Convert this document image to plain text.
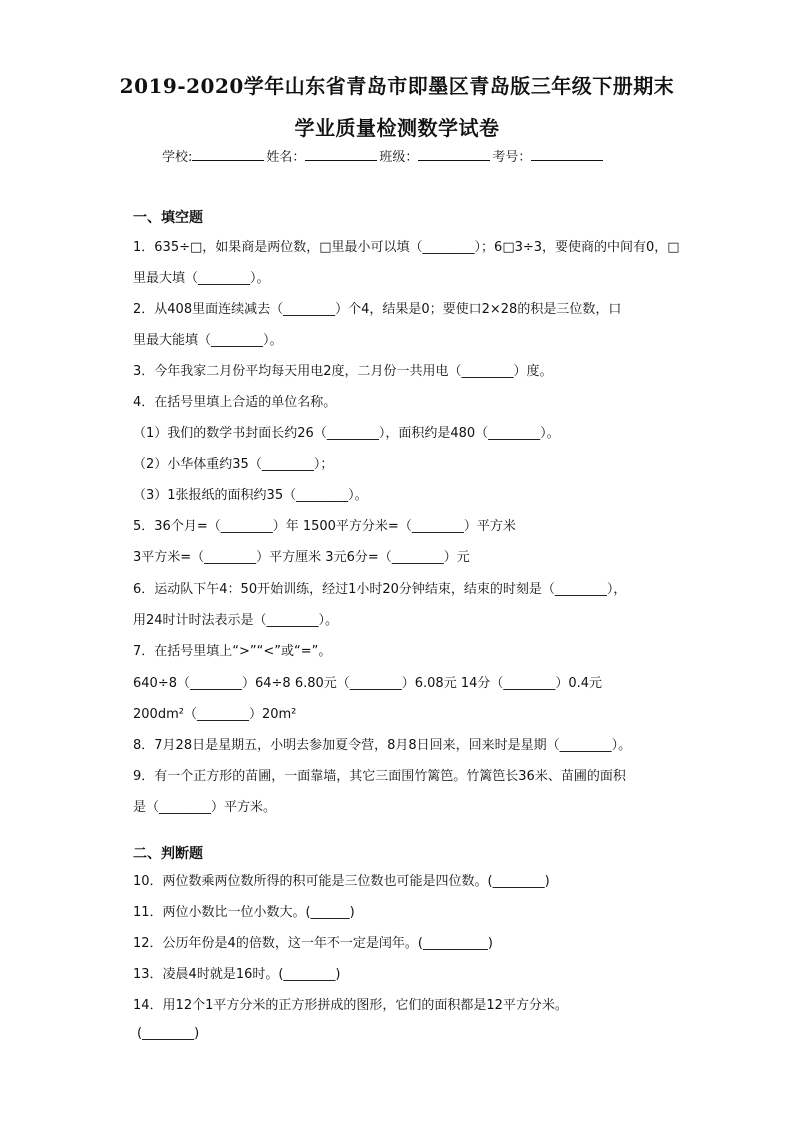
2019-2020学年山东省青岛市即墨区青岛版三年级下册期末
学业质量检测数学试卷
学校:	姓名：	班级：	考号：
一、填空题
1．635÷□，如果商是两位数，□里最小可以填（________）；6□3÷3，要使商的中间有0，□
里最大填（________）。
2．从408里面连续减去（________）个4，结果是0；要使口2×28的积是三位数，口
里最大能填（________）。
3．今年我家二月份平均每天用电2度，二月份一共用电（________）度。
4．在括号里填上合适的单位名称。
（1）我们的数学书封面长约26（________），面积约是480（________）。
（2）小华体重约35（________）；
（3）1张报纸的面积约35（________）。
5．36个月=（________）年 1500平方分米=（________）平方米
3平方米=（________）平方厘米 3元6分=（________）元
6．运动队下午4：50开始训练，经过1小时20分钟结束，结束的时刻是（________），
用24时计时法表示是（________）。
7．在括号里填上“>”“<”或“=”。
640÷8（________）64÷8 6.80元（________）6.08元 14分（________）0.4元
200dm²（________）20m²
8．7月28日是星期五，小明去参加夏令营，8月8日回来，回来时是星期（________）。
9．有一个正方形的苗圃，一面靠墙，其它三面围竹篱笆。竹篱笆长36米、苗圃的面积
是（________）平方米。
二、判断题
10．两位数乘两位数所得的积可能是三位数也可能是四位数。(________)
11．两位小数比一位小数大。(______)
12．公历年份是4的倍数，这一年不一定是闰年。(__________)
13．凌晨4时就是16时。(________)
14．用12个1平方分米的正方形拼成的图形，它们的面积都是12平方分米。
(________)
